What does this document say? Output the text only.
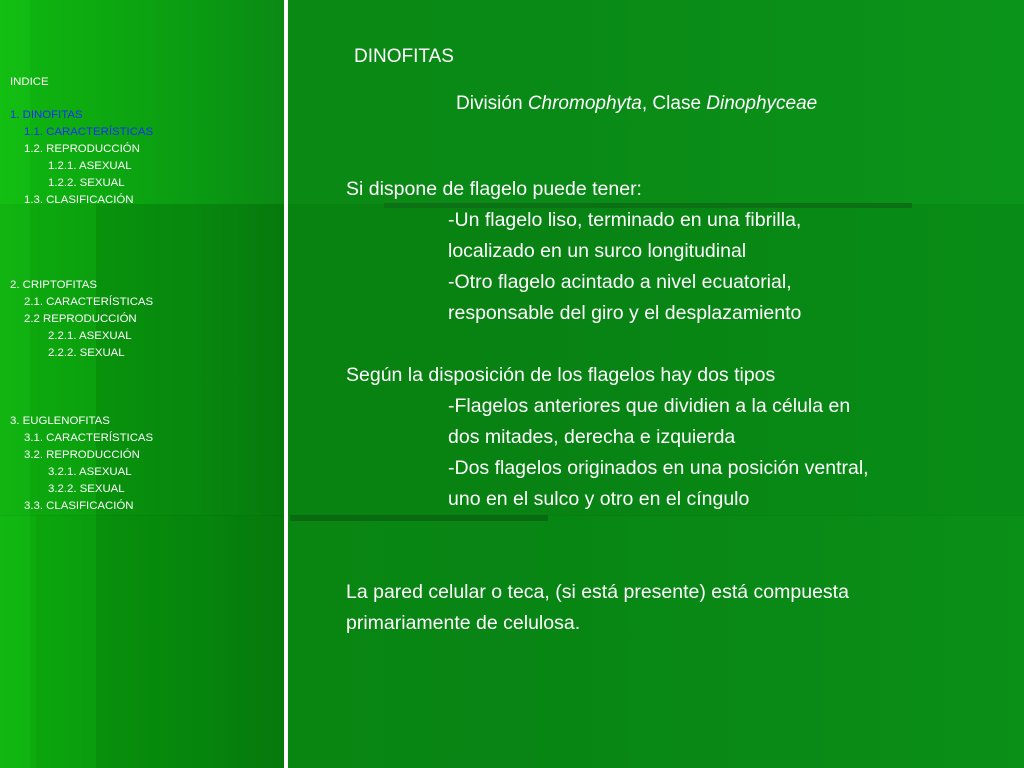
INDICE
1. DINOFITAS
1.1. CARACTERÍSTICAS
1.2. REPRODUCCIÓN
1.2.1. ASEXUAL
1.2.2. SEXUAL
1.3. CLASIFICACIÓN
2. CRIPTOFITAS
2.1. CARACTERÍSTICAS
2.2 REPRODUCCIÓN
2.2.1. ASEXUAL
2.2.2. SEXUAL
3. EUGLENOFITAS
3.1. CARACTERÍSTICAS
3.2. REPRODUCCIÓN
3.2.1. ASEXUAL
3.2.2. SEXUAL
3.3. CLASIFICACIÓN
DINOFITAS
División Chromophyta, Clase Dinophyceae

Si dispone de flagelo puede tener:

-Un flagelo liso, terminado en una fibrilla,

localizado en un surco longitudinal

-Otro flagelo acintado a nivel ecuatorial,

responsable del giro y el desplazamiento

Según la disposición de los flagelos hay dos tipos

-Flagelos anteriores que dividien a la célula en

dos mitades, derecha e izquierda

-Dos flagelos originados en una posición ventral,

uno en el sulco y otro en el cíngulo

La pared celular o teca, (si está presente) está compuesta

primariamente de celulosa.
